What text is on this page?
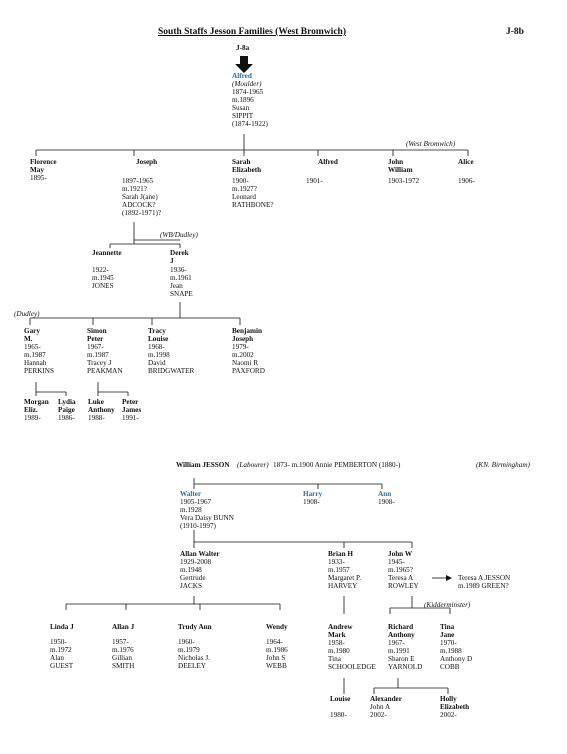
South Staffs Jesson Families (West Bromwich)	J-8b
J-8a
Alfred
(Moulder)
1874-1965
m.1896
Susan
SIPPIT
(1874-1922)
(West Bromwich)
Florence
May
1895-
Joseph
1897-1965
m.1921?
Sarah J(ane)
ADCOCK?
(1892-1971)?
Sarah
Elizabeth
1900-
m.1927?
Leonard
RATHBONE?
Alfred
1901-
John
William
1903-1972
Alice
1906-
(WB/Dudley)
Jeannette
1922-
m.1945
JONES
Derek
J
1936-
m.1961
Jean
SNAPE
(Dudley)
Gary
M.
1965-
m.1987
Hannah
PERKINS
Simon
Peter
1967-
m.1987
Tracey J
PEAKMAN
Tracy
Louise
1968-
m.1998
David
BRIDGWATER
Benjamin
Joseph
1979-
m.2002
Naomi R
PAXFORD
Morgan
Eliz.
1989-
Lydia
Paige
1986-
Luke
Anthony
1988-
Peter
James
1991-
William JESSON (Labourer) 1873- m.1900 Annie PEMBERTON (1880-)	(KN. Birmingham)
Walter
1905-1967
m.1928
Vera Daisy BUNN
(1910-1997)
Harry
1908-
Ann
1908-
Allan Walter
1929-2008
m.1948
Gertrude
JACKS
Brian H
1933-
m.1957
Margaret P.
HARVEY
John W
1945-
m.1965?
Teresa A
ROWLEY
Teresa A JESSON
m.1989 GREEN?
(Kidderminster)
Linda J
1950-
m.1972
Alan
GUEST
Allan J
1957-
m.1976
Gillian
SMITH
Trudy Ann
1960-
m.1979
Nicholas J.
DEELEY
Wendy
1964-
m.1986
John S
WEBB
Andrew
Mark
1958-
m.1980
Tina
SCHOOLEDGE
Richard
Anthony
1967-
m.1991
Sharon E
YARNOLD
Tina
Jane
1970-
m.1988
Anthony D
COBB
Louise
1980-
Alexander
John A
2002-
Holly
Elizabeth
2002-
